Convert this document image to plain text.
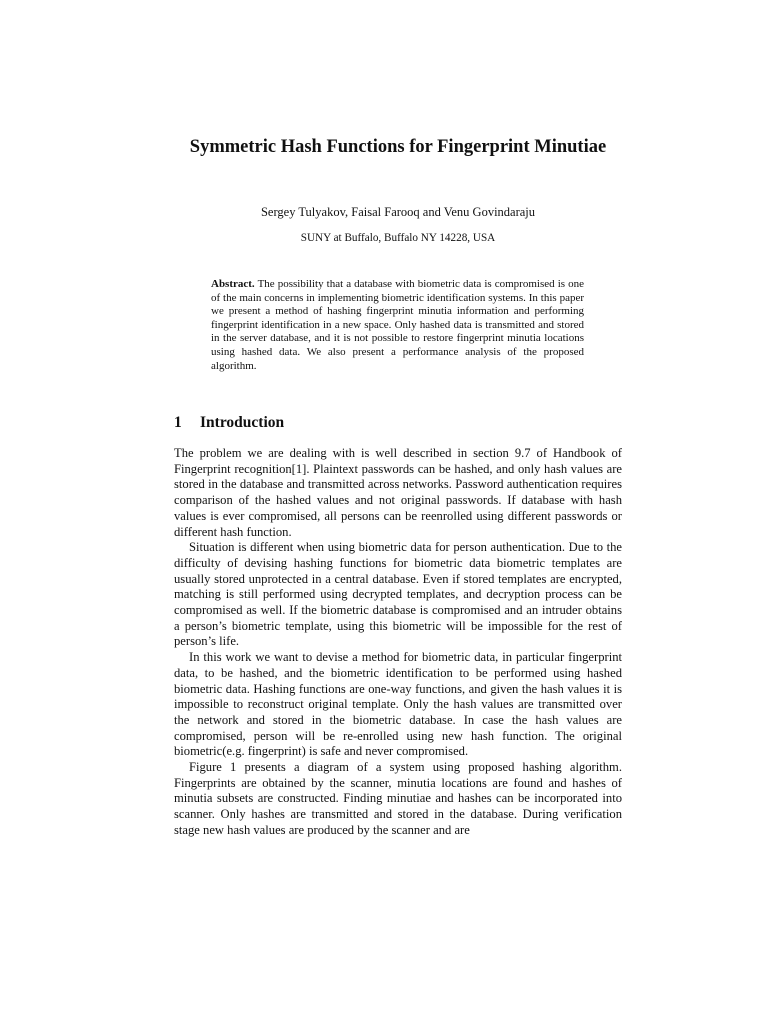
Symmetric Hash Functions for Fingerprint Minutiae
Sergey Tulyakov, Faisal Farooq and Venu Govindaraju
SUNY at Buffalo, Buffalo NY 14228, USA
Abstract. The possibility that a database with biometric data is compromised is one of the main concerns in implementing biometric identification systems. In this paper we present a method of hashing fingerprint minutia information and performing fingerprint identification in a new space. Only hashed data is transmitted and stored in the server database, and it is not possible to restore fingerprint minutia locations using hashed data. We also present a performance analysis of the proposed algorithm.
1 Introduction

The problem we are dealing with is well described in section 9.7 of Handbook of Fingerprint recognition[1]. Plaintext passwords can be hashed, and only hash values are stored in the database and transmitted across networks. Password authentication requires comparison of the hashed values and not original passwords. If database with hash values is ever compromised, all persons can be reenrolled using different passwords or different hash function.

Situation is different when using biometric data for person authentication. Due to the difficulty of devising hashing functions for biometric data biometric templates are usually stored unprotected in a central database. Even if stored templates are encrypted, matching is still performed using decrypted templates, and decryption process can be compromised as well. If the biometric database is compromised and an intruder obtains a person’s biometric template, using this biometric will be impossible for the rest of person’s life.

In this work we want to devise a method for biometric data, in particular fingerprint data, to be hashed, and the biometric identification to be performed using hashed biometric data. Hashing functions are one-way functions, and given the hash values it is impossible to reconstruct original template. Only the hash values are transmitted over the network and stored in the biometric database. In case the hash values are compromised, person will be re-enrolled using new hash function. The original biometric(e.g. fingerprint) is safe and never compromised.

Figure 1 presents a diagram of a system using proposed hashing algorithm. Fingerprints are obtained by the scanner, minutia locations are found and hashes of minutia subsets are constructed. Finding minutiae and hashes can be incorporated into scanner. Only hashes are transmitted and stored in the database. During verification stage new hash values are produced by the scanner and are
